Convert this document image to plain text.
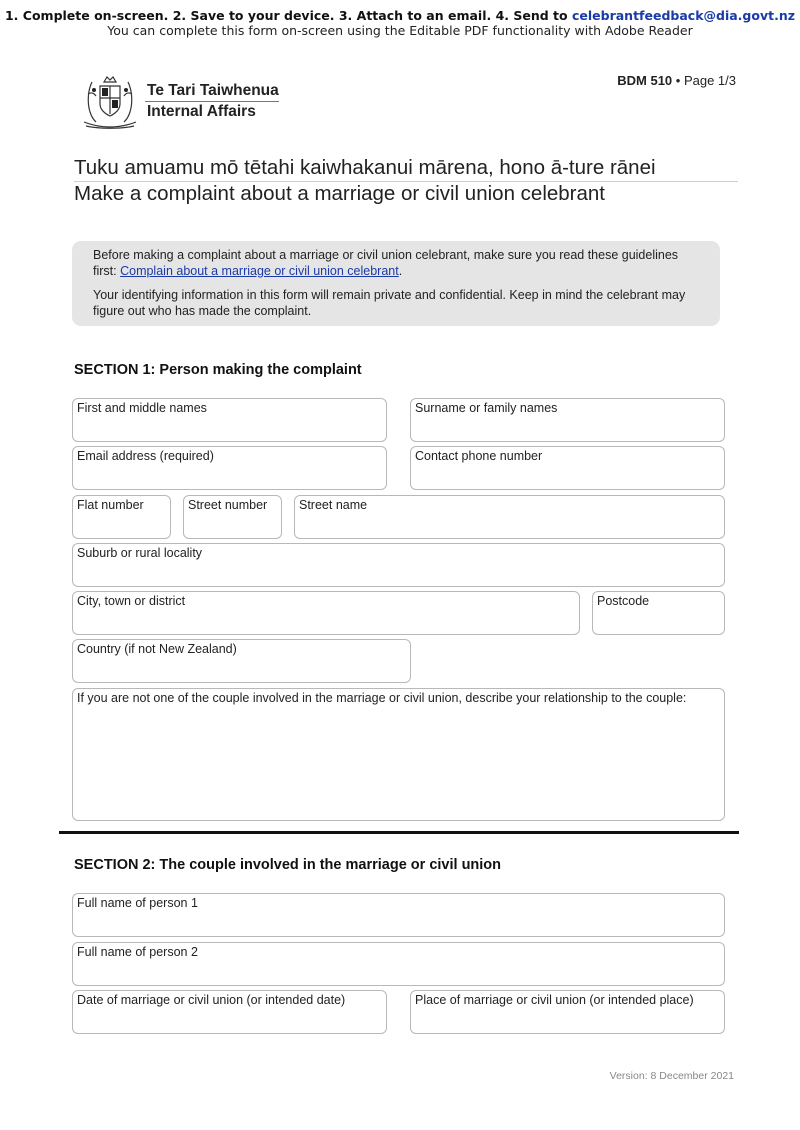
1. Complete on-screen. 2. Save to your device. 3. Attach to an email. 4. Send to celebrantfeedback@dia.govt.nz
You can complete this form on-screen using the Editable PDF functionality with Adobe Reader
Te Tari Taiwhenua
Internal Affairs
BDM 510 • Page 1/3
Tuku amuamu mō tētahi kaiwhakanui mārena, hono ā-ture rānei
Make a complaint about a marriage or civil union celebrant

Before making a complaint about a marriage or civil union celebrant, make sure you read these guidelines first: Complain about a marriage or civil union celebrant.

Your identifying information in this form will remain private and confidential. Keep in mind the celebrant may figure out who has made the complaint.

SECTION 1: Person making the complaint
First and middle names	Surname or family names
Email address (required)	Contact phone number
Flat number	Street number	Street name
Suburb or rural locality
City, town or district	Postcode
Country (if not New Zealand)
If you are not one of the couple involved in the marriage or civil union, describe your relationship to the couple:
SECTION 2: The couple involved in the marriage or civil union
Full name of person 1
Full name of person 2
Date of marriage or civil union (or intended date)	Place of marriage or civil union (or intended place)
Version: 8 December 2021
